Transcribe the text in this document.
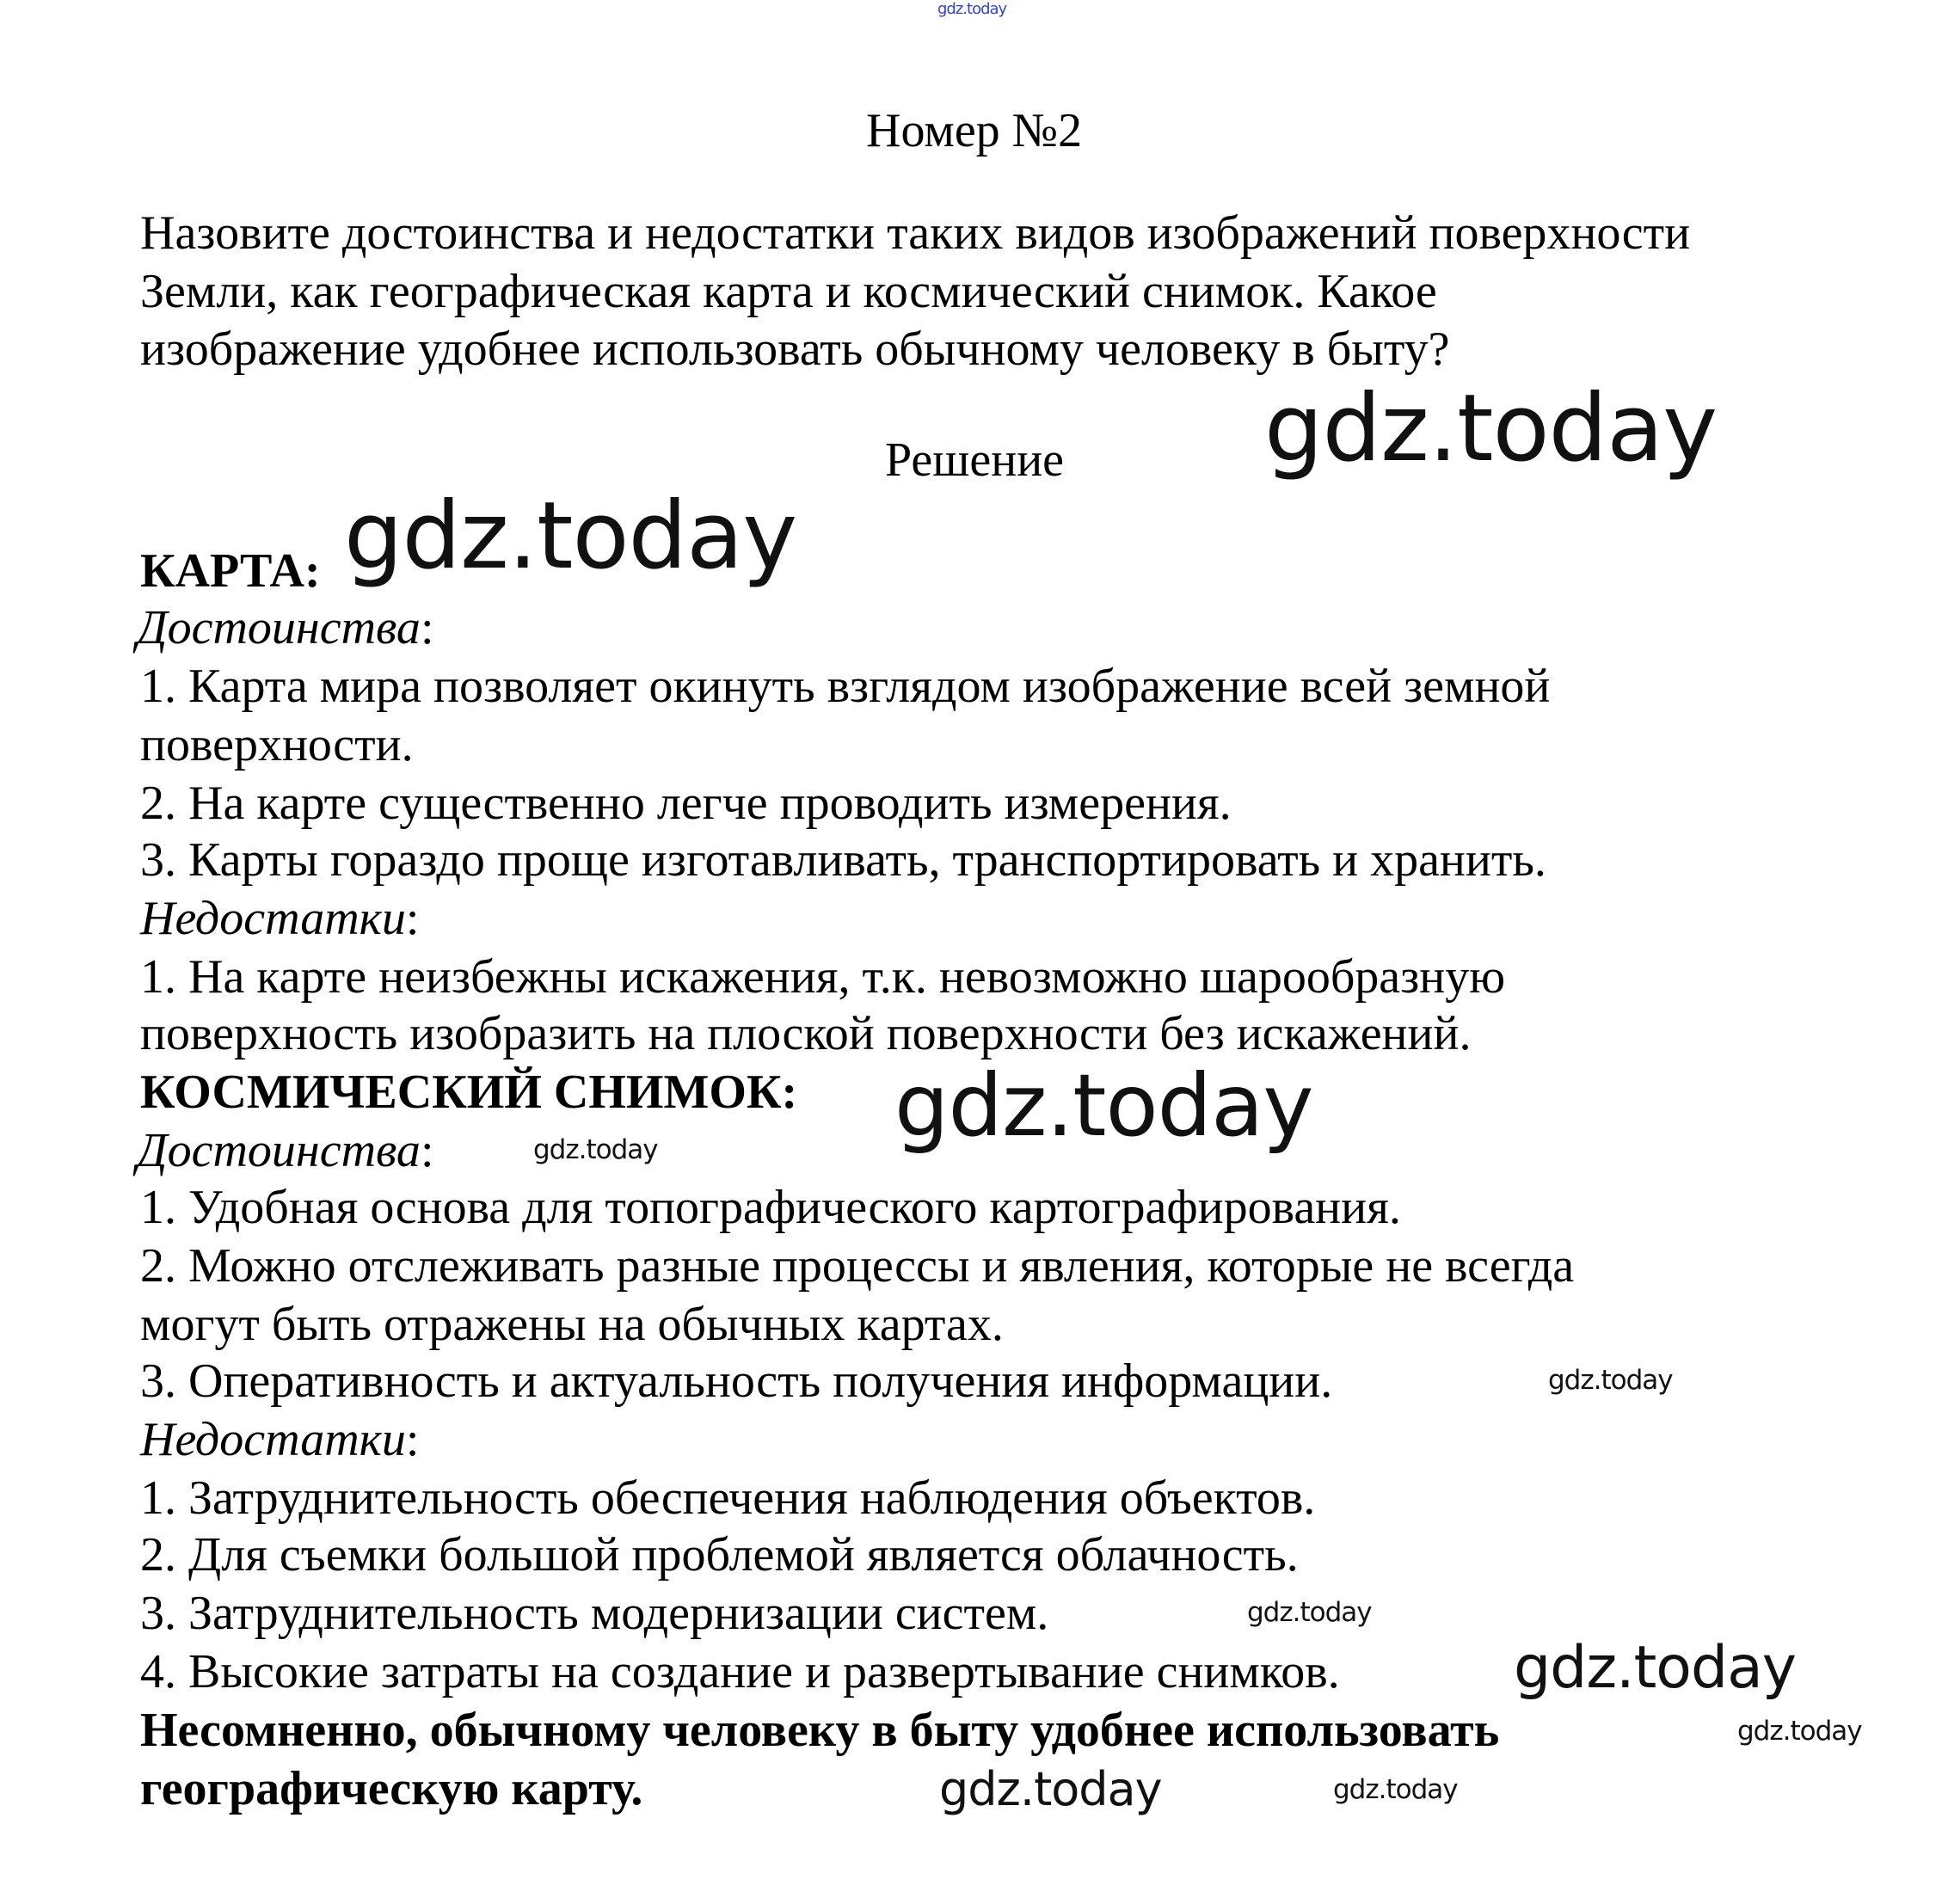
gdz.today
Номер №2
Назовите достоинства и недостатки таких видов изображений поверхности
Земли, как географическая карта и космический снимок. Какое
изображение удобнее использовать обычному человеку в быту?
Решение gdz.today
КАРТА: gdz.today
Достоинства:
1. Карта мира позволяет окинуть взглядом изображение всей земной
поверхности.
2. На карте существенно легче проводить измерения.
3. Карты гораздо проще изготавливать, транспортировать и хранить.
Недостатки:
1. На карте неизбежны искажения, т.к. невозможно шарообразную
поверхность изобразить на плоской поверхности без искажений.
КОСМИЧЕСКИЙ СНИМОК: gdz.today
Достоинства:	gdz.today
1. Удобная основа для топографического картографирования.
2. Можно отслеживать разные процессы и явления, которые не всегда
могут быть отражены на обычных картах.
3. Оперативность и актуальность получения информации.	gdz.today
Недостатки:
1. Затруднительность обеспечения наблюдения объектов.
2. Для съемки большой проблемой является облачность.
3. Затруднительность модернизации систем.	gdz.today
4. Высокие затраты на создание и развертывание снимков.	gdz.today
Несомненно, обычному человеку в быту удобнее использовать	gdz.today
географическую карту.	gdz.today	gdz.today
